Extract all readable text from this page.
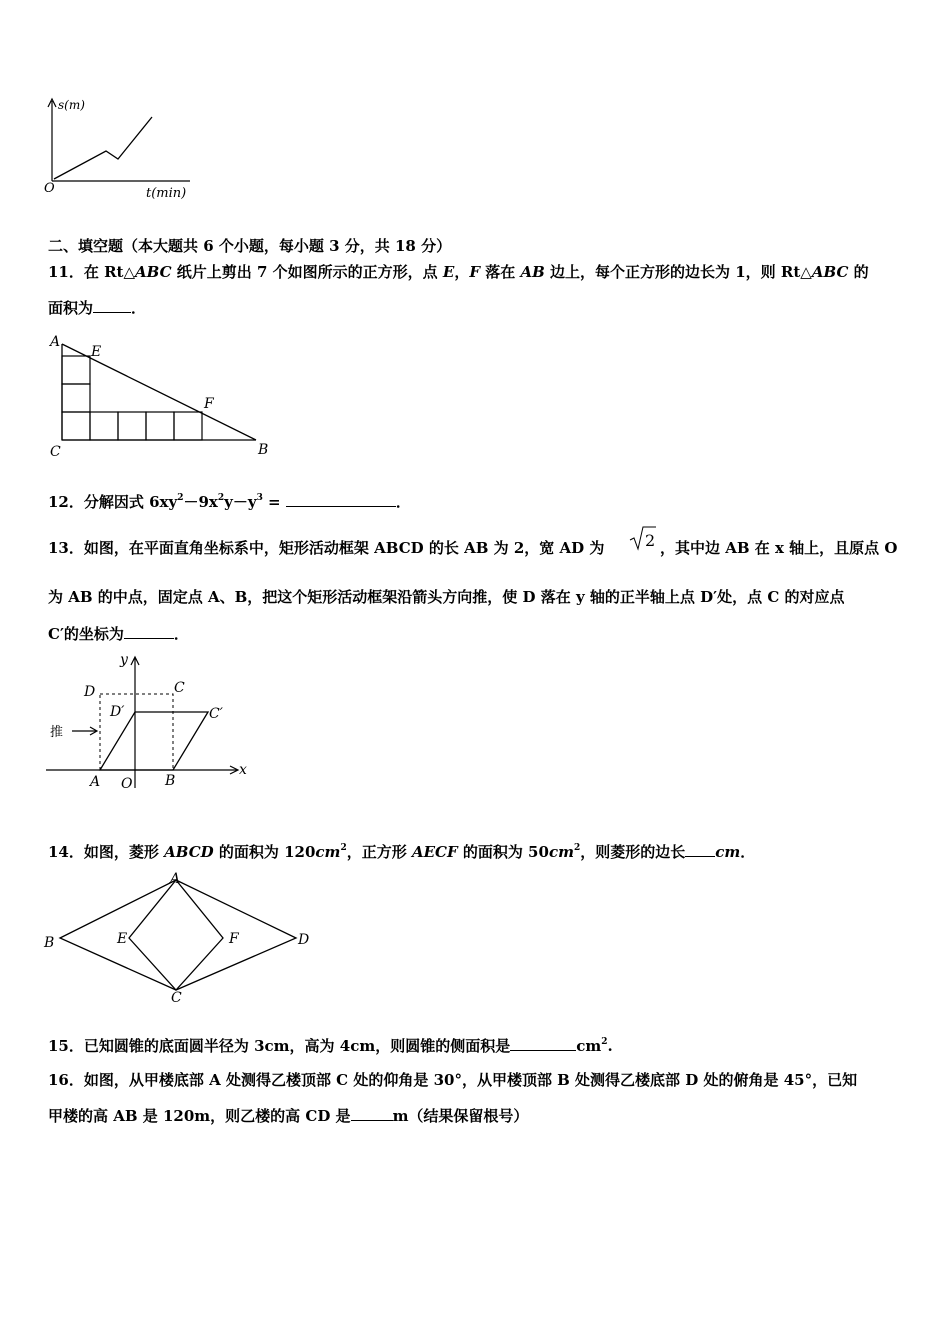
s(m)
t(min)
O
二、填空题（本大题共 6 个小题，每小题 3 分，共 18 分）
11．在 Rt△ABC 纸片上剪出 7 个如图所示的正方形，点 E，F 落在 AB 边上，每个正方形的边长为 1，则 Rt△ABC 的
面积为	．
A
E
F
C	B
12．分解因式 $6xy^2-9x^2y-y^3$ =	．
13．如图，在平面直角坐标系中，矩形活动框架 ABCD 的长 AB 为 2，宽 AD 为	2 ，其中边 AB 在 x 轴上，且原点 O
为 AB 的中点，固定点 A、B，把这个矩形活动框架沿箭头方向推，使 D 落在 y 轴的正半轴上点 D′处，点 C 的对应点
C′的坐标为	．
推
y
x
D	C
D′	C′
A O B
14．如图，菱形 ABCD 的面积为 $120cm^2$，正方形 AECF 的面积为 $50cm^2$，则菱形的边长 cm．
A
B	E	F	D
C
15．已知圆锥的底面圆半径为 3cm，高为 4cm，则圆锥的侧面积是	$cm^2$.
16．如图，从甲楼底部 A 处测得乙楼顶部 C 处的仰角是 30°，从甲楼顶部 B 处测得乙楼底部 D 处的俯角是 45°，已知
甲楼的高 AB 是 120m，则乙楼的高 CD 是	m（结果保留根号）
